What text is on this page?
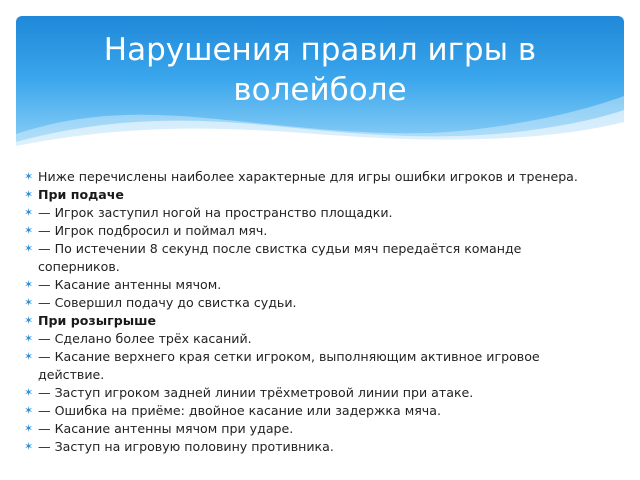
Нарушения правил игры в волейболе
✶ Ниже перечислены наиболее характерные для игры ошибки игроков и тренера.
✶ При подаче
✶ — Игрок заступил ногой на пространство площадки.
✶ — Игрок подбросил и поймал мяч.
✶ — По истечении 8 секунд после свистка судьи мяч передаётся команде соперников.
✶ — Касание антенны мячом.
✶ — Совершил подачу до свистка судьи.
✶ При розыгрыше
✶ — Сделано более трёх касаний.
✶ — Касание верхнего края сетки игроком, выполняющим активное игровое действие.
✶ — Заступ игроком задней линии трёхметровой линии при атаке.
✶ — Ошибка на приёме: двойное касание или задержка мяча.
✶ — Касание антенны мячом при ударе.
✶ — Заступ на игровую половину противника.
